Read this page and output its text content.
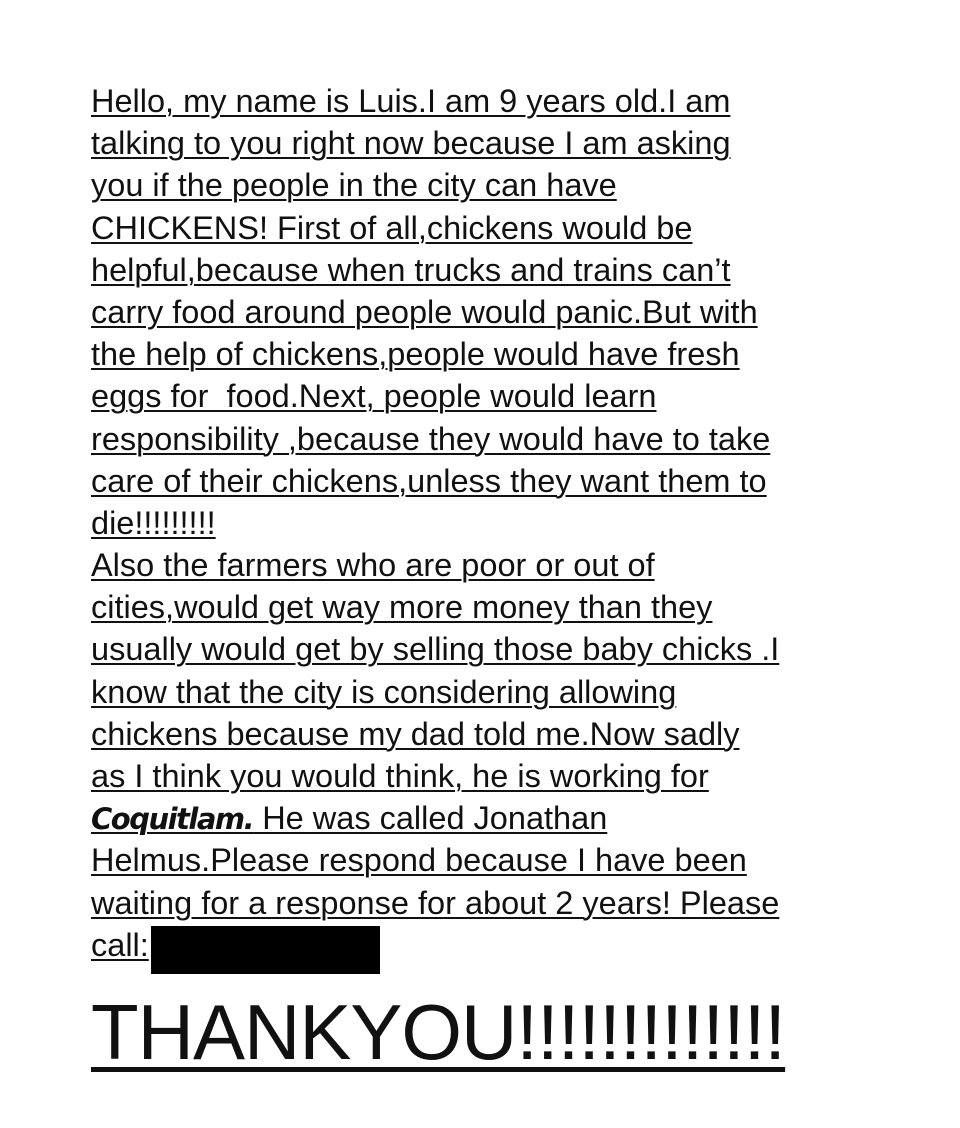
Hello, my name is Luis.I am 9 years old.I am
talking to you right now because I am asking
you if the people in the city can have
CHICKENS! First of all,chickens would be
helpful,because when trucks and trains can’t
carry food around people would panic.But with
the help of chickens,people would have fresh
eggs for  food.Next, people would learn
responsibility ,because they would have to take
care of their chickens,unless they want them to
die!!!!!!!!!
Also the farmers who are poor or out of
cities,would get way more money than they
usually would get by selling those baby chicks .I
know that the city is considering allowing
chickens because my dad told me.Now sadly
as I think you would think, he is working for
Coquitlam. He was called Jonathan
Helmus.Please respond because I have been
waiting for a response for about 2 years! Please
call:
THANKYOU!!!!!!!!!!!!!
